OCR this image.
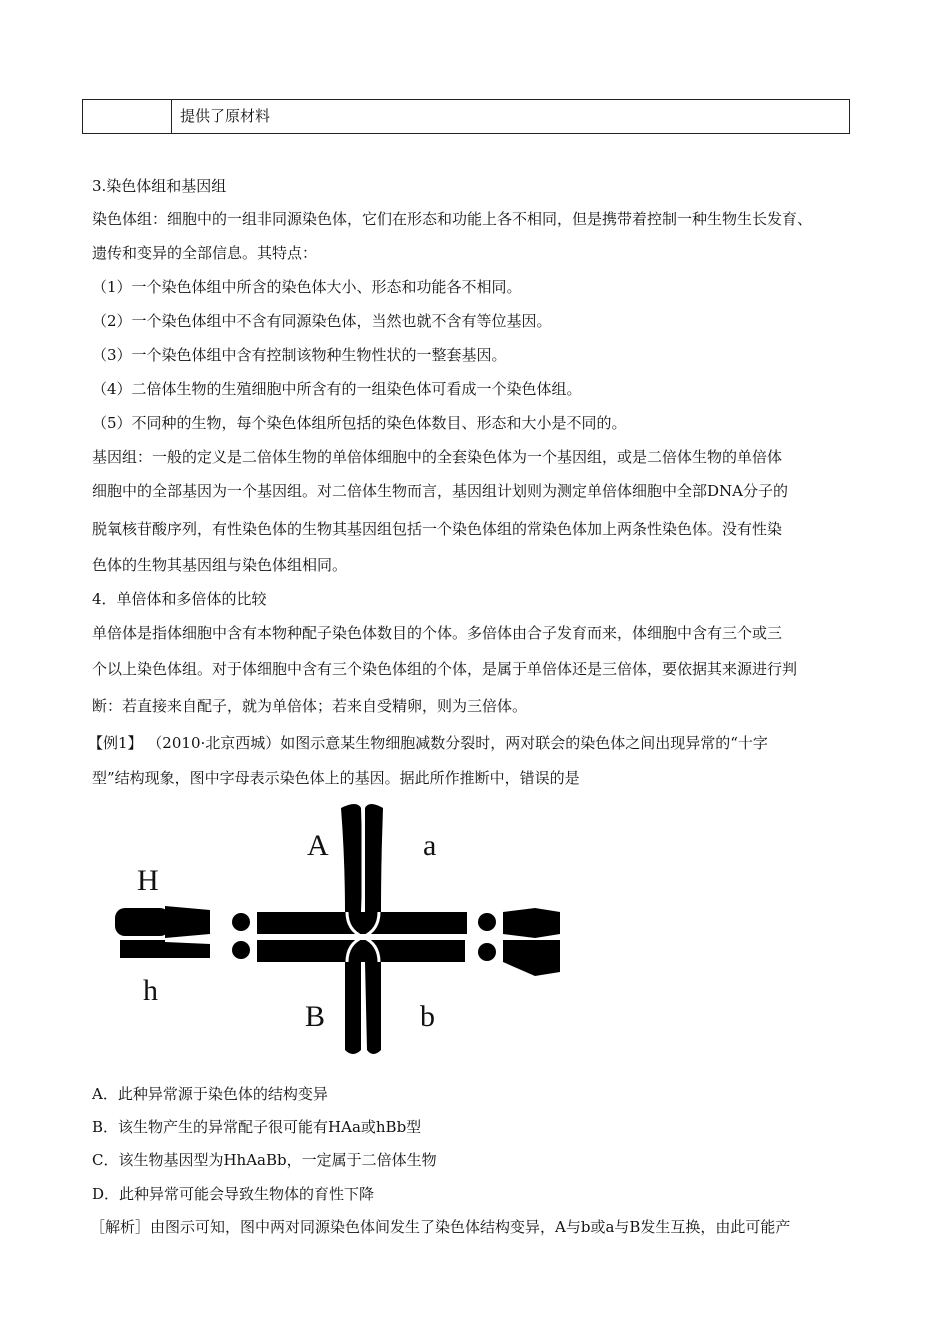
提供了原材料
3.染色体组和基因组
染色体组：细胞中的一组非同源染色体，它们在形态和功能上各不相同，但是携带着控制一种生物生长发育、
遗传和变异的全部信息。其特点：
（1）一个染色体组中所含的染色体大小、形态和功能各不相同。
（2）一个染色体组中不含有同源染色体，当然也就不含有等位基因。
（3）一个染色体组中含有控制该物种生物性状的一整套基因。
（4）二倍体生物的生殖细胞中所含有的一组染色体可看成一个染色体组。
（5）不同种的生物，每个染色体组所包括的染色体数目、形态和大小是不同的。
基因组：一般的定义是二倍体生物的单倍体细胞中的全套染色体为一个基因组，或是二倍体生物的单倍体
细胞中的全部基因为一个基因组。对二倍体生物而言，基因组计划则为测定单倍体细胞中全部DNA分子的
脱氧核苷酸序列，有性染色体的生物其基因组包括一个染色体组的常染色体加上两条性染色体。没有性染
色体的生物其基因组与染色体组相同。
4．单倍体和多倍体的比较
单倍体是指体细胞中含有本物种配子染色体数目的个体。多倍体由合子发育而来，体细胞中含有三个或三
个以上染色体组。对于体细胞中含有三个染色体组的个体，是属于单倍体还是三倍体，要依据其来源进行判
断：若直接来自配子，就为单倍体；若来自受精卵，则为三倍体。
【例1】 （2010·北京西城）如图示意某生物细胞减数分裂时，两对联会的染色体之间出现异常的“十字
型”结构现象，图中字母表示染色体上的基因。据此所作推断中，错误的是
A	a
H
h
B	b
A．此种异常源于染色体的结构变异
B．该生物产生的异常配子很可能有HAa或hBb型
C．该生物基因型为HhAaBb，一定属于二倍体生物
D．此种异常可能会导致生物体的育性下降
［解析］由图示可知，图中两对同源染色体间发生了染色体结构变异，A与b或a与B发生互换，由此可能产
